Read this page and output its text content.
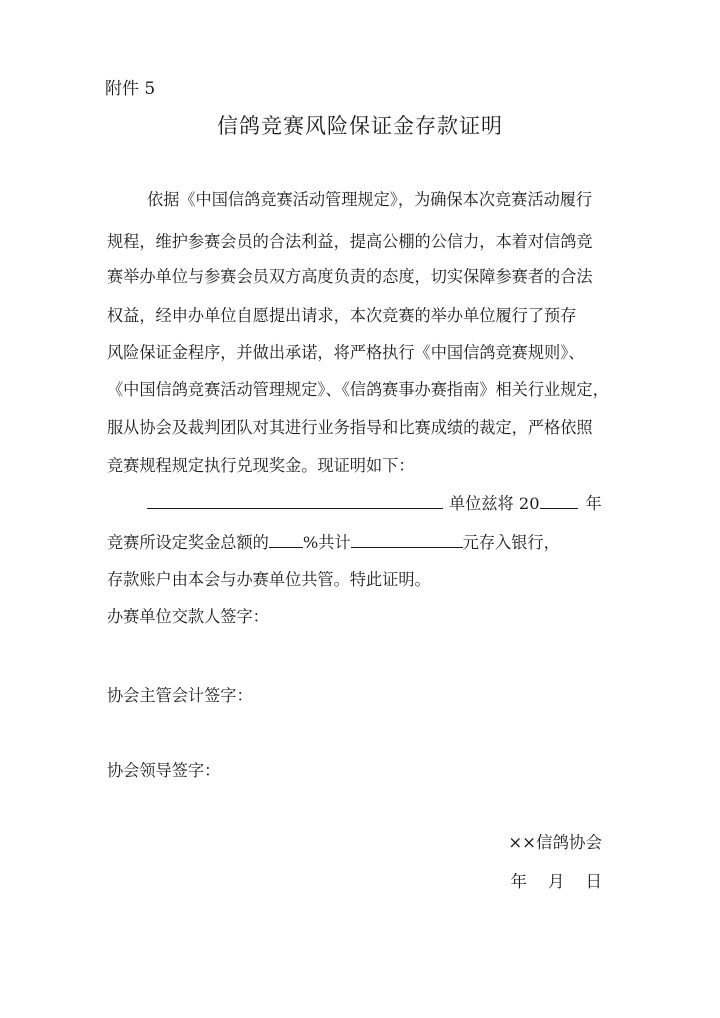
附件 5
信鸽竞赛风险保证金存款证明
依据《中国信鸽竞赛活动管理规定》，为确保本次竞赛活动履行
规程，维护参赛会员的合法利益，提高公棚的公信力，本着对信鸽竞
赛举办单位与参赛会员双方高度负责的态度，切实保障参赛者的合法
权益，经申办单位自愿提出请求，本次竞赛的举办单位履行了预存
风险保证金程序，并做出承诺，将严格执行《中国信鸽竞赛规则》、
《中国信鸽竞赛活动管理规定》、《信鸽赛事办赛指南》相关行业规定，
服从协会及裁判团队对其进行业务指导和比赛成绩的裁定，严格依照
竞赛规程规定执行兑现奖金。现证明如下：
单位兹将 20	年
竞赛所设定奖金总额的 %共计	元存入银行，
存款账户由本会与办赛单位共管。特此证明。
办赛单位交款人签字：
协会主管会计签字：
协会领导签字：
××信鸽协会
年    月    日
